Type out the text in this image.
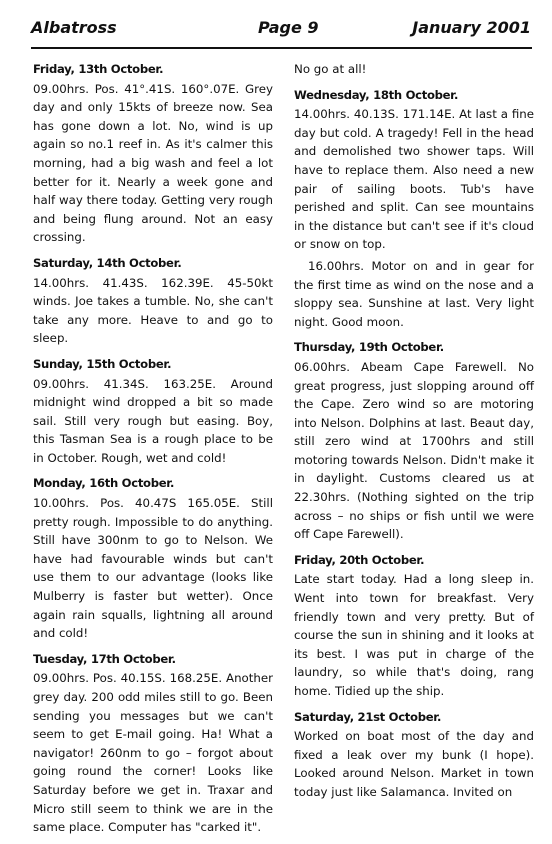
Albatross	Page 9	January 2001
Friday, 13th October.
09.00hrs. Pos. 41°.41S. 160°.07E. Grey day and only 15kts of breeze now. Sea has gone down a lot. No, wind is up again so no.1 reef in. As it's calmer this morning, had a big wash and feel a lot better for it. Nearly a week gone and half way there today. Getting very rough and being flung around. Not an easy crossing.
Saturday, 14th October.
14.00hrs. 41.43S. 162.39E. 45-50kt winds. Joe takes a tumble. No, she can't take any more. Heave to and go to sleep.
Sunday, 15th October.
09.00hrs. 41.34S. 163.25E. Around midnight wind dropped a bit so made sail. Still very rough but easing. Boy, this Tasman Sea is a rough place to be in October. Rough, wet and cold!
Monday, 16th October.
10.00hrs. Pos. 40.47S 165.05E. Still pretty rough. Impossible to do anything. Still have 300nm to go to Nelson. We have had favourable winds but can't use them to our advantage (looks like Mulberry is faster but wetter). Once again rain squalls, lightning all around and cold!
Tuesday, 17th October.
09.00hrs. Pos. 40.15S. 168.25E. Another grey day. 200 odd miles still to go. Been sending you messages but we can't seem to get E-mail going. Ha! What a navigator! 260nm to go – forgot about going round the corner! Looks like Saturday before we get in. Traxar and Micro still seem to think we are in the same place. Computer has "carked it".
No go at all!
Wednesday, 18th October.
14.00hrs. 40.13S. 171.14E. At last a fine day but cold. A tragedy! Fell in the head and demolished two shower taps. Will have to replace them. Also need a new pair of sailing boots. Tub's have perished and split. Can see mountains in the distance but can't see if it's cloud or snow on top.
16.00hrs. Motor on and in gear for the first time as wind on the nose and a sloppy sea. Sunshine at last. Very light night. Good moon.
Thursday, 19th October.
06.00hrs. Abeam Cape Farewell. No great progress, just slopping around off the Cape. Zero wind so are motoring into Nelson. Dolphins at last. Beaut day, still zero wind at 1700hrs and still motoring towards Nelson. Didn't make it in daylight. Customs cleared us at 22.30hrs. (Nothing sighted on the trip across – no ships or fish until we were off Cape Farewell).
Friday, 20th October.
Late start today. Had a long sleep in. Went into town for breakfast. Very friendly town and very pretty. But of course the sun in shining and it looks at its best. I was put in charge of the laundry, so while that's doing, rang home. Tidied up the ship.
Saturday, 21st October.
Worked on boat most of the day and fixed a leak over my bunk (I hope). Looked around Nelson. Market in town today just like Salamanca. Invited on
